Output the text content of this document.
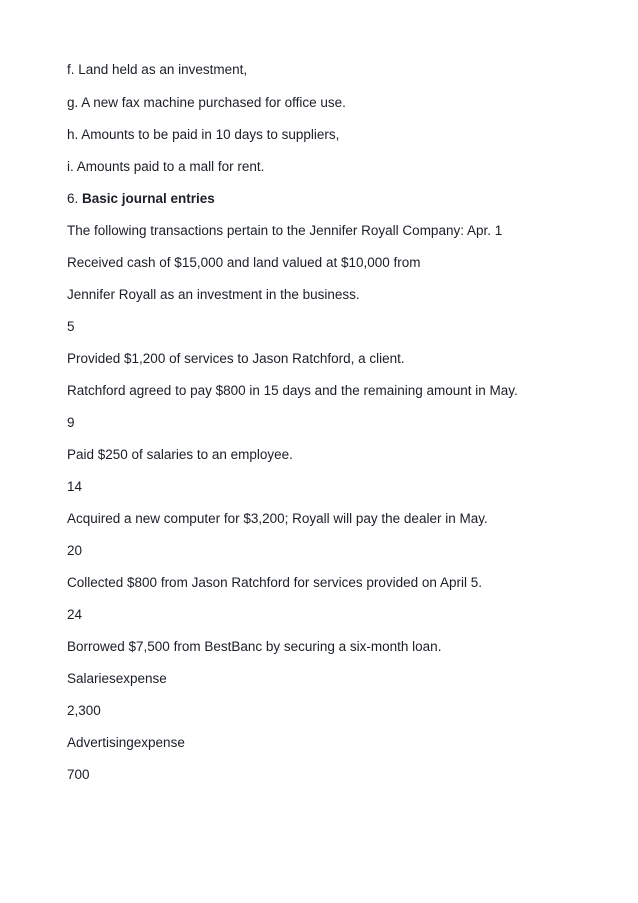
f. Land held as an investment,

g. A new fax machine purchased for office use.

h. Amounts to be paid in 10 days to suppliers,

i. Amounts paid to a mall for rent.

6. Basic journal entries

The following transactions pertain to the Jennifer Royall Company: Apr. 1

Received cash of $15,000 and land valued at $10,000 from

Jennifer Royall as an investment in the business.

5

Provided $1,200 of services to Jason Ratchford, a client.

Ratchford agreed to pay $800 in 15 days and the remaining amount in May.

9

Paid $250 of salaries to an employee.

14

Acquired a new computer for $3,200; Royall will pay the dealer in May.

20

Collected $800 from Jason Ratchford for services provided on April 5.

24

Borrowed $7,500 from BestBanc by securing a six-month loan.

Salariesexpense

2,300

Advertisingexpense

700
